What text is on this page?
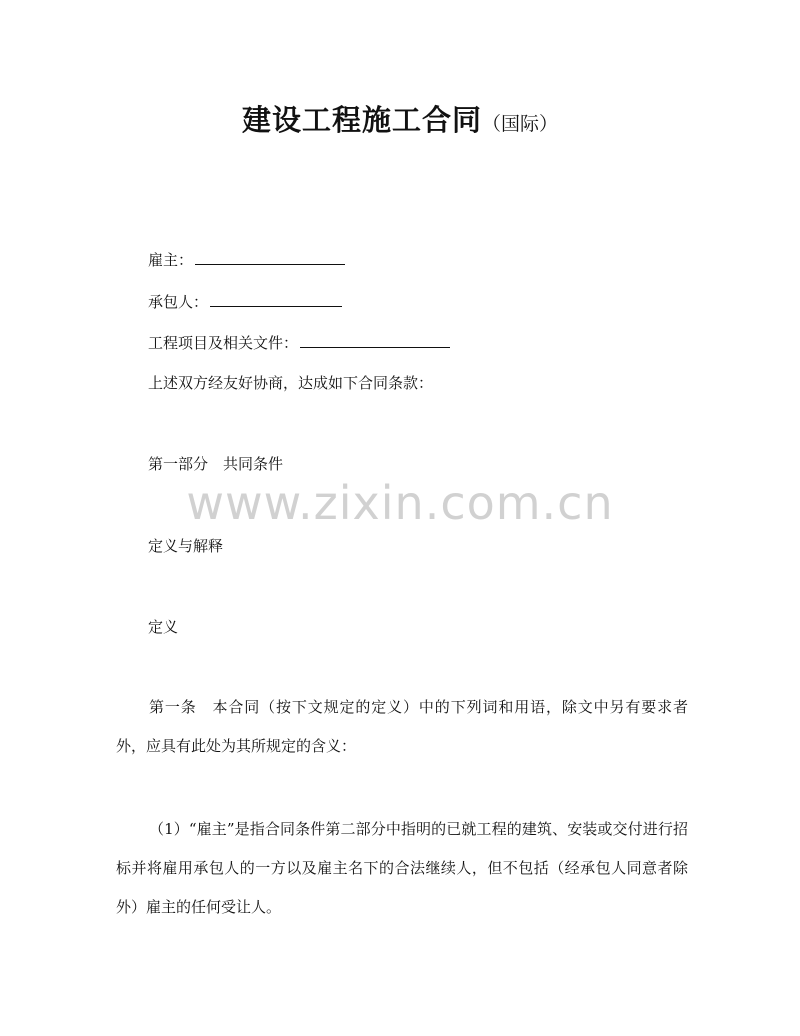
建设工程施工合同（国际）
雇主：
承包人：
工程项目及相关文件：
上述双方经友好协商，达成如下合同条款：
第一部分　共同条件
www.zixin.com.cn
定义与解释
定义
第一条　本合同（按下文规定的定义）中的下列词和用语，除文中另有要求者外，应具有此处为其所规定的含义：
（1）“雇主”是指合同条件第二部分中指明的已就工程的建筑、安装或交付进行招标并将雇用承包人的一方以及雇主名下的合法继续人，但不包括（经承包人同意者除外）雇主的任何受让人。
